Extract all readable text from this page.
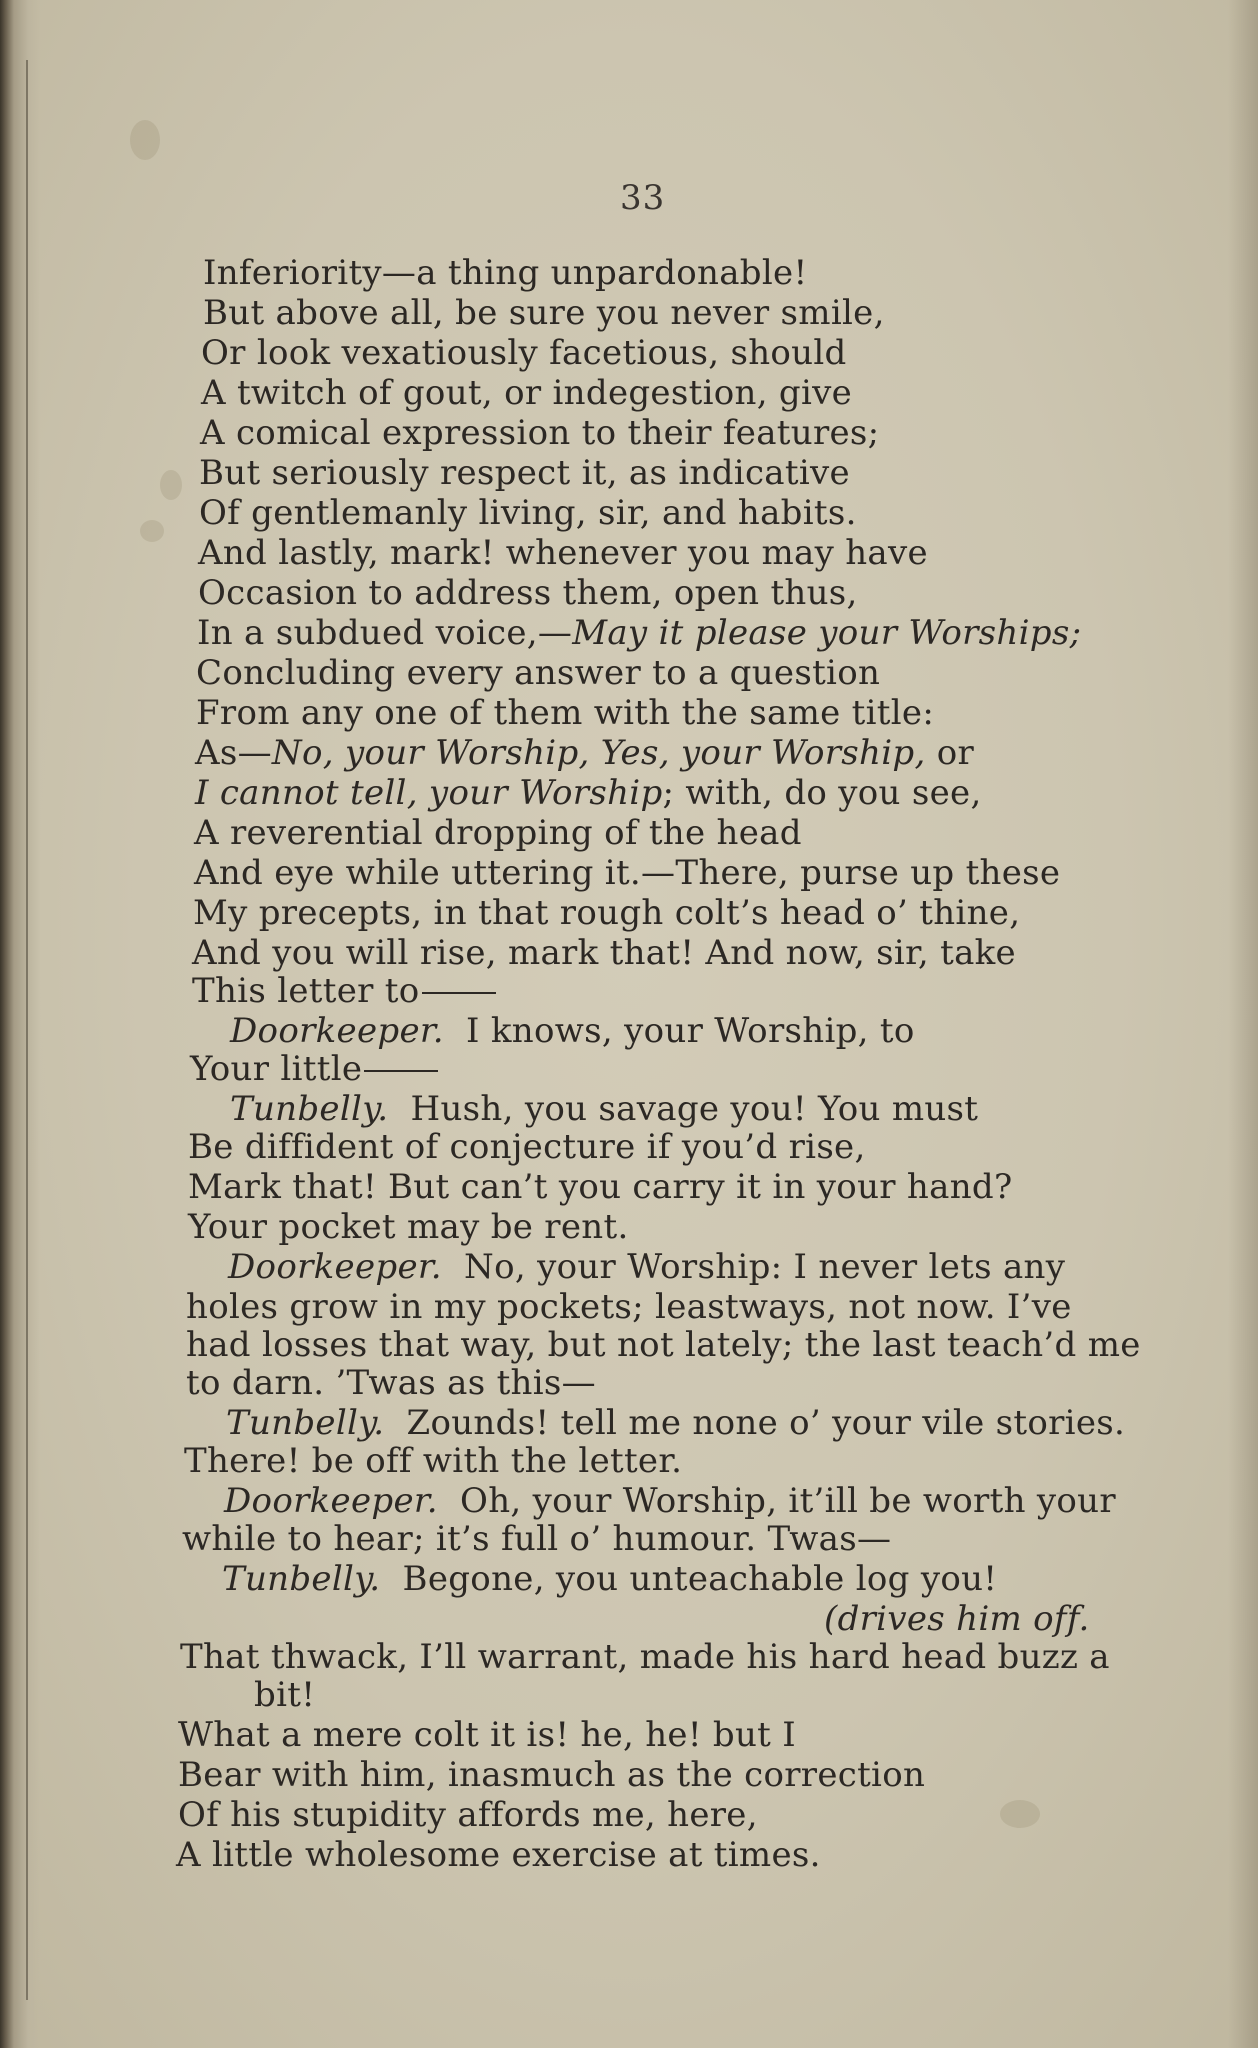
33
Inferiority—a thing unpardonable!
But above all, be sure you never smile,
Or look vexatiously facetious, should
A twitch of gout, or indegestion, give
A comical expression to their features;
But seriously respect it, as indicative
Of gentlemanly living, sir, and habits.
And lastly, mark! whenever you may have
Occasion to address them, open thus,
In a subdued voice,—May it please your Worships;
Concluding every answer to a question
From any one of them with the same title:
As—No, your Worship, Yes, your Worship, or
I cannot tell, your Worship; with, do you see,
A reverential dropping of the head
And eye while uttering it.—There, purse up these
My precepts, in that rough colt’s head o’ thine,
And you will rise, mark that! And now, sir, take
This letter to
Doorkeeper. I knows, your Worship, to
Your little
Tunbelly. Hush, you savage you! You must
Be diffident of conjecture if you’d rise,
Mark that! But can’t you carry it in your hand?
Your pocket may be rent.
Doorkeeper. No, your Worship: I never lets any
holes grow in my pockets; leastways, not now. I’ve
had losses that way, but not lately; the last teach’d me
to darn. ’Twas as this—
Tunbelly. Zounds! tell me none o’ your vile stories.
There! be off with the letter.
Doorkeeper. Oh, your Worship, it’ill be worth your
while to hear; it’s full o’ humour. Twas—
Tunbelly. Begone, you unteachable log you!
(drives him off.
That thwack, I’ll warrant, made his hard head buzz a
bit!
What a mere colt it is! he, he! but I
Bear with him, inasmuch as the correction
Of his stupidity affords me, here,
A little wholesome exercise at times.
